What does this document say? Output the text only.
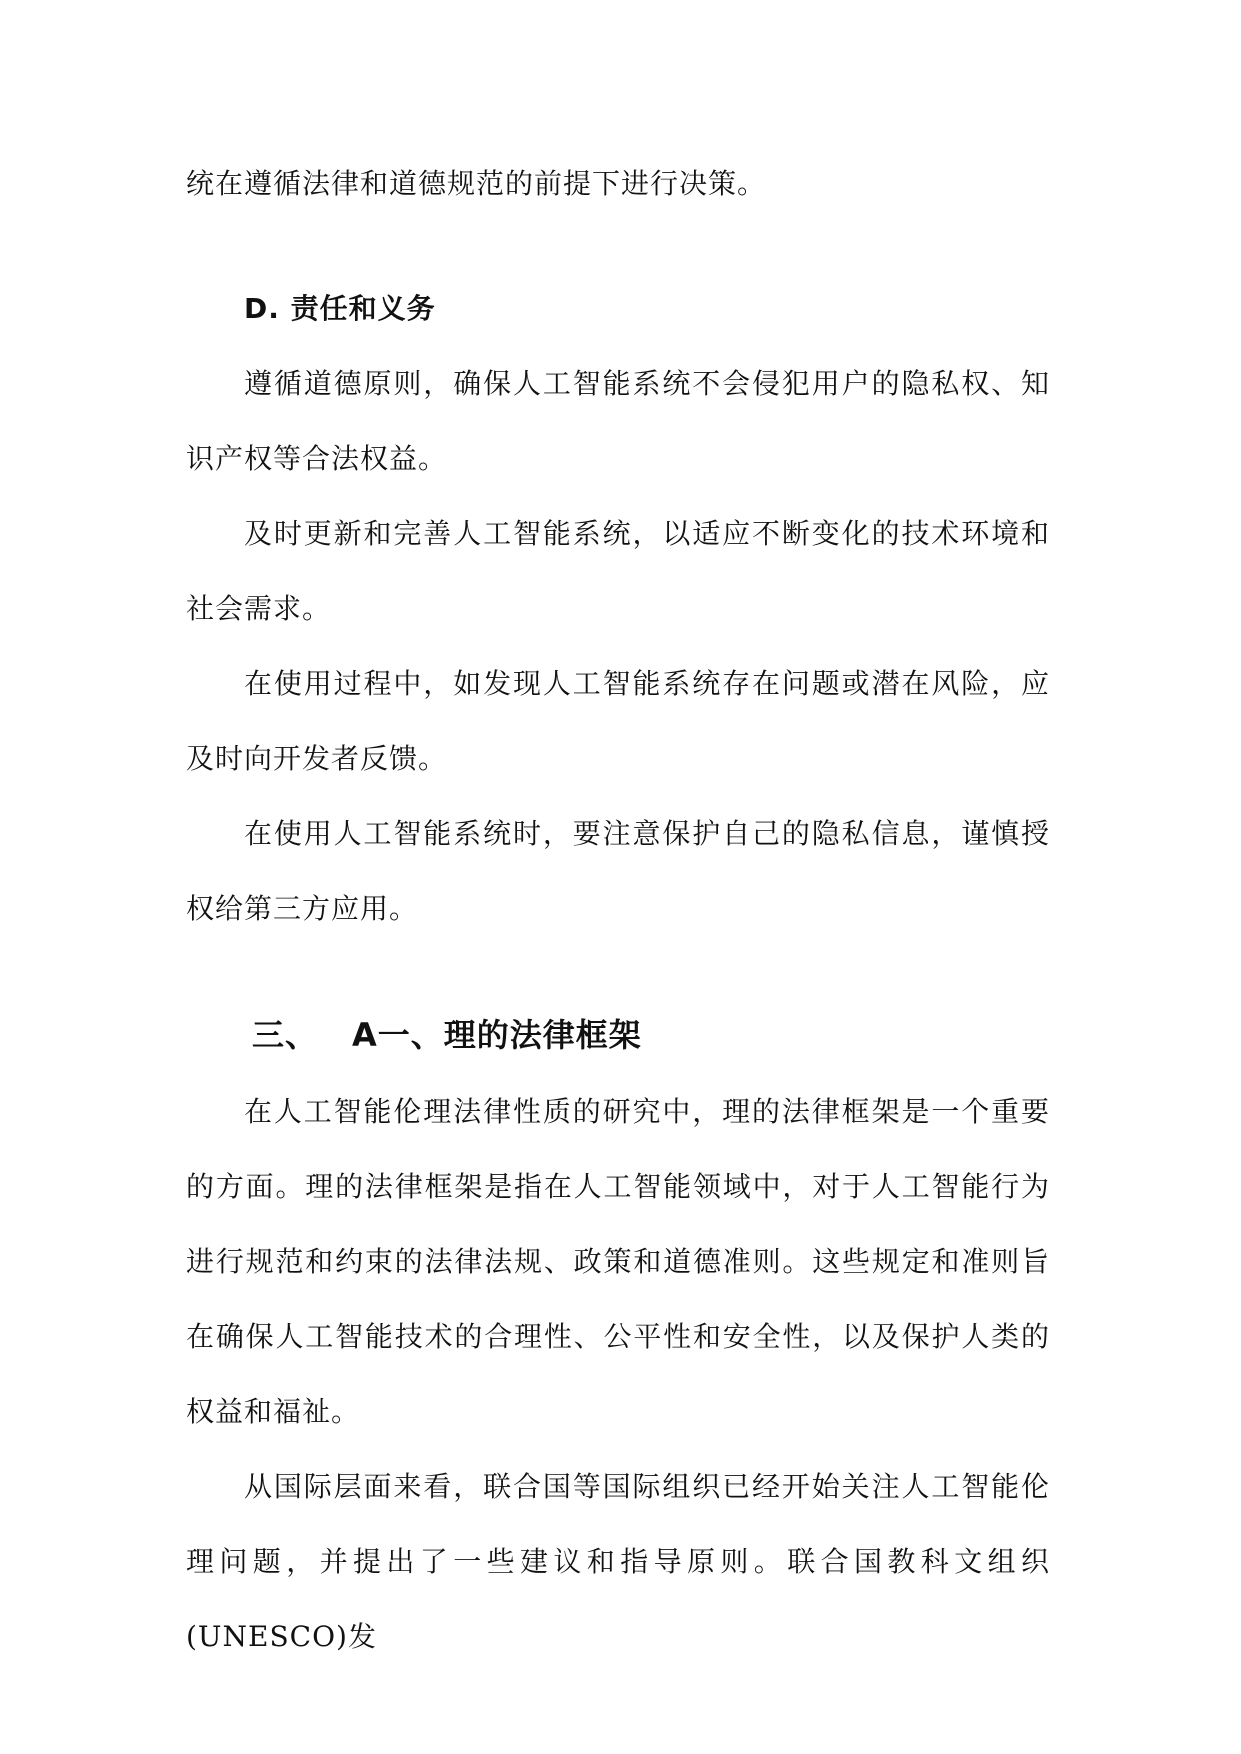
统在遵循法律和道德规范的前提下进行决策。

D. 责任和义务

遵循道德原则，确保人工智能系统不会侵犯用户的隐私权、知识产权等合法权益。

及时更新和完善人工智能系统，以适应不断变化的技术环境和社会需求。

在使用过程中，如发现人工智能系统存在问题或潜在风险，应及时向开发者反馈。

在使用人工智能系统时，要注意保护自己的隐私信息，谨慎授权给第三方应用。

三、 A一、理的法律框架

在人工智能伦理法律性质的研究中，理的法律框架是一个重要的方面。理的法律框架是指在人工智能领域中，对于人工智能行为进行规范和约束的法律法规、政策和道德准则。这些规定和准则旨在确保人工智能技术的合理性、公平性和安全性，以及保护人类的权益和福祉。

从国际层面来看，联合国等国际组织已经开始关注人工智能伦理问题，并提出了一些建议和指导原则。联合国教科文组织(UNESCO)发
